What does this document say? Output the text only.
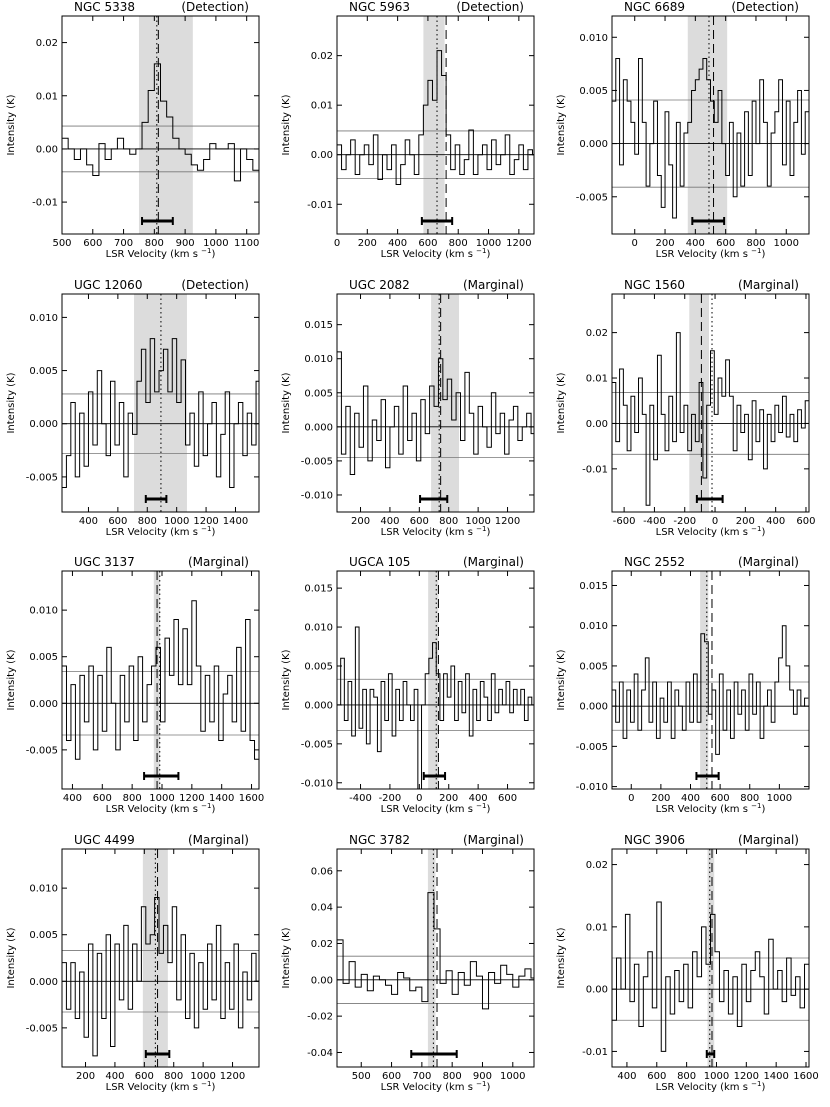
500 600 700 800 900 1000 1100
-0.01
0.00
0.01
0.02
LSR Velocity (km s $^{-1}$)
Intensity (K)
NGC 5338	(Detection)
0 200 400 600 800 1000 1200
-0.01
0.00
0.01
0.02
LSR Velocity (km s $^{-1}$)
Intensity (K)
NGC 5963	(Detection)
0 200 400 600 800 1000
-0.005
0.000
0.005
0.010
LSR Velocity (km s $^{-1}$)
Intensity (K)
NGC 6689	(Detection)
400 600 800 1000 1200 1400
-0.005
0.000
0.005
0.010
LSR Velocity (km s $^{-1}$)
Intensity (K)
UGC 12060	(Detection)
200 400 600 800 1000 1200
-0.010
-0.005
0.000
0.005
0.010
0.015
LSR Velocity (km s $^{-1}$)
Intensity (K)
UGC 2082	(Marginal)
-600 -400 -200 0 200 400 600
-0.01
0.00
0.01
0.02
LSR Velocity (km s $^{-1}$)
Intensity (K)
NGC 1560	(Marginal)
400 600 800 1000 1200 1400 1600
-0.005
0.000
0.005
0.010
LSR Velocity (km s $^{-1}$)
Intensity (K)
UGC 3137	(Marginal)
-400 -200 0 200 400 600
-0.010
-0.005
0.000
0.005
0.010
0.015
LSR Velocity (km s $^{-1}$)
Intensity (K)
UGCA 105	(Marginal)
0 200 400 600 800 1000
-0.010
-0.005
0.000
0.005
0.010
0.015
LSR Velocity (km s $^{-1}$)
Intensity (K)
NGC 2552	(Marginal)
200 400 600 800 1000 1200
-0.005
0.000
0.005
0.010
LSR Velocity (km s $^{-1}$)
Intensity (K)
UGC 4499	(Marginal)
500 600 700 800 900 1000
-0.04
-0.02
0.00
0.02
0.04
0.06
LSR Velocity (km s $^{-1}$)
Intensity (K)
NGC 3782	(Marginal)
400 600 800 1000 1200 1400 1600
-0.01
0.00
0.01
0.02
LSR Velocity (km s $^{-1}$)
Intensity (K)
NGC 3906	(Marginal)
